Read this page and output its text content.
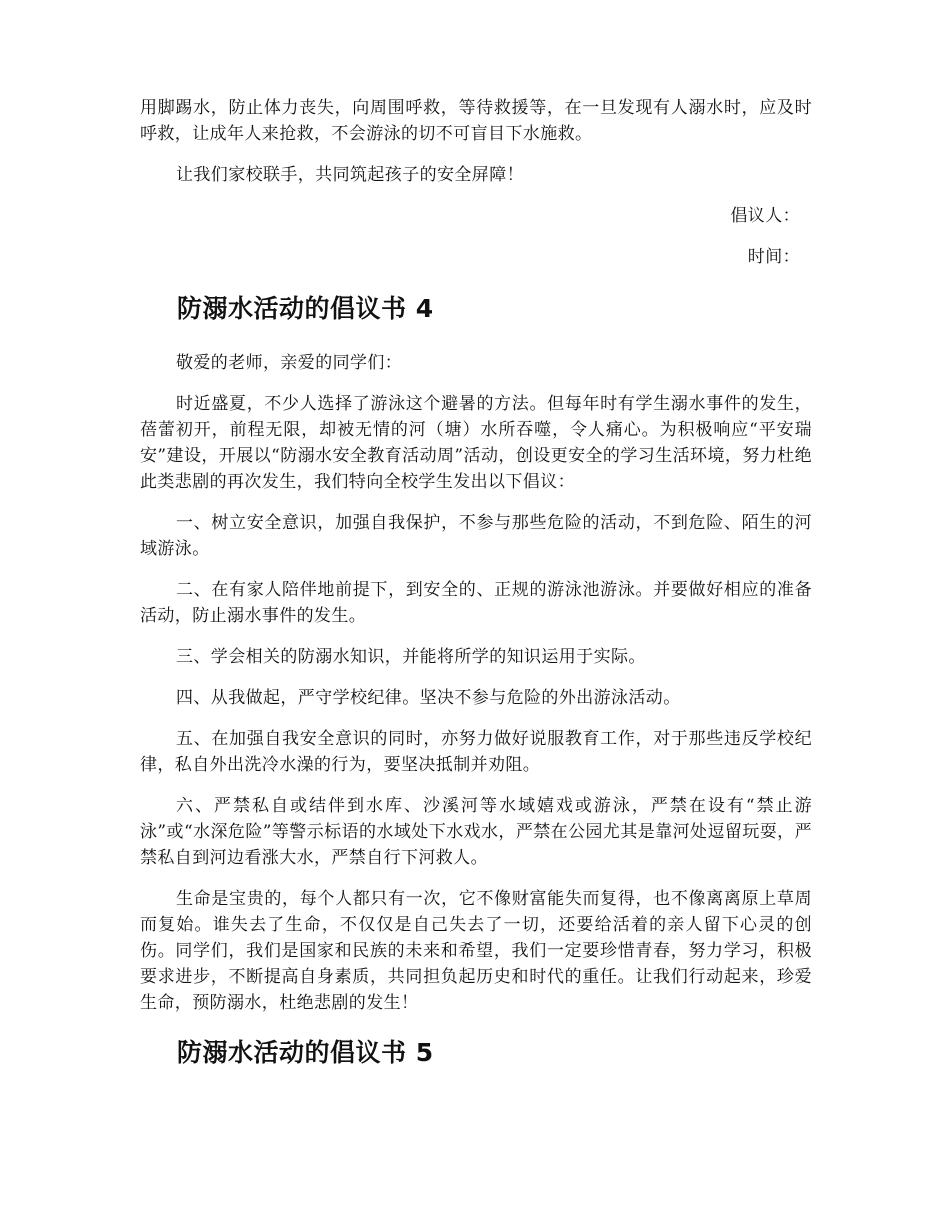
用脚踢水，防止体力丧失，向周围呼救，等待救援等，在一旦发现有人溺水时，应及时呼救，让成年人来抢救，不会游泳的切不可盲目下水施救。

让我们家校联手，共同筑起孩子的安全屏障！

倡议人：

时间：

防溺水活动的倡议书 4

敬爱的老师，亲爱的同学们：

时近盛夏，不少人选择了游泳这个避暑的方法。但每年时有学生溺水事件的发生，蓓蕾初开，前程无限，却被无情的河（塘）水所吞噬，令人痛心。为积极响应“平安瑞安”建设，开展以“防溺水安全教育活动周”活动，创设更安全的学习生活环境，努力杜绝此类悲剧的再次发生，我们特向全校学生发出以下倡议：

一、树立安全意识，加强自我保护，不参与那些危险的活动，不到危险、陌生的河域游泳。

二、在有家人陪伴地前提下，到安全的、正规的游泳池游泳。并要做好相应的准备活动，防止溺水事件的发生。

三、学会相关的防溺水知识，并能将所学的知识运用于实际。

四、从我做起，严守学校纪律。坚决不参与危险的外出游泳活动。

五、在加强自我安全意识的同时，亦努力做好说服教育工作，对于那些违反学校纪律，私自外出洗冷水澡的行为，要坚决抵制并劝阻。

六、严禁私自或结伴到水库、沙溪河等水域嬉戏或游泳，严禁在设有“禁止游泳”或“水深危险”等警示标语的水域处下水戏水，严禁在公园尤其是靠河处逗留玩耍，严禁私自到河边看涨大水，严禁自行下河救人。

生命是宝贵的，每个人都只有一次，它不像财富能失而复得，也不像离离原上草周而复始。谁失去了生命，不仅仅是自己失去了一切，还要给活着的亲人留下心灵的创伤。同学们，我们是国家和民族的未来和希望，我们一定要珍惜青春，努力学习，积极要求进步，不断提高自身素质，共同担负起历史和时代的重任。让我们行动起来，珍爱生命，预防溺水，杜绝悲剧的发生！

防溺水活动的倡议书 5
